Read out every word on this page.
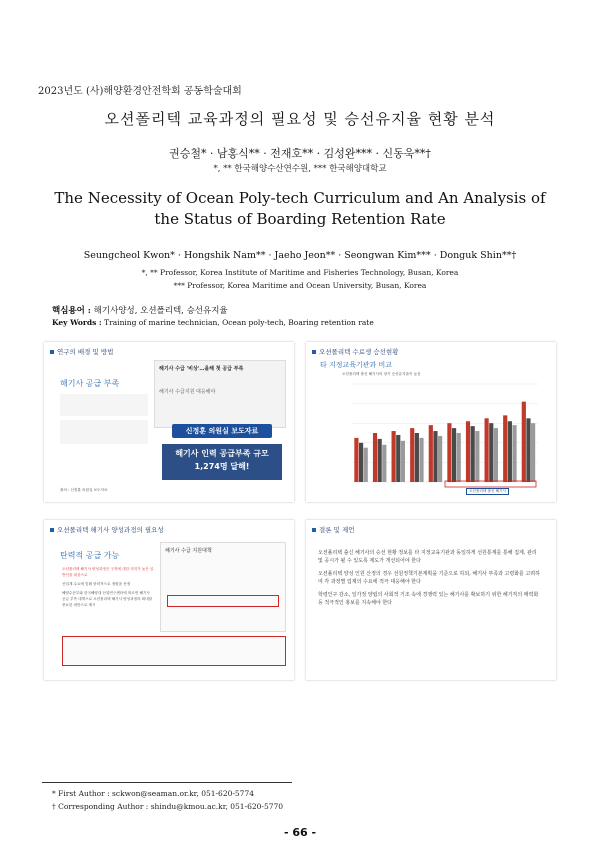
2023년도 (사)해양환경안전학회 공동학술대회
오션폴리텍 교육과정의 필요성 및 승선유지율 현황 분석
권승철* · 남홍식** · 전재호** · 김성완*** · 신동욱**†
*, ** 한국해양수산연수원, *** 한국해양대학교
The Necessity of Ocean Poly-tech Curriculum and An Analysis of the Status of Boarding Retention Rate
Seungcheol Kwon* · Hongshik Nam** · Jaeho Jeon** · Seongwan Kim*** · Donguk Shin**†
*, ** Professor, Korea Institute of Maritime and Fisheries Technology, Busan, Korea
*** Professor, Korea Maritime and Ocean University, Busan, Korea
핵심용어 : 해기사양성, 오션폴리텍, 승선유지율
Key Words : Training of marine technician, Ocean poly-tech, Boaring retention rate
연구의 배경 및 방법
해기사 공급 부족
해기사 수급 '비상'…올해 첫 공급 부족
해기사 수급지원 대응해야
신정훈 의원실 보도자료
해기사 인력 공급부족 규모
1,274명 달해!
출처 : 신정훈 의원실 보도자료
오션폴리텍 수료생 승선현황
타 지정교육기관과 비교
오션폴리텍 출신 해기사의 장기 승선유지율이 높음
오션폴리텍 출신 해기사
오션폴리텍 해기사 양성과정의 필요성
탄력적 공급 가능
오션폴리텍 해기사 양성과정은 구직에 대한 의지가 높은 일반인을 대상으로
산업계 수요에 맞춰 탄력적으로 정원을 산정
해양수산부와 한국해양대 산업연구센터에 따르면 해기사 공급 부족 대책으로 오션폴리텍 해기사 양성과정의 확대를 중요한 대안으로 제시
해기사 수급 지원대책
결론 및 제언
오션폴리텍 출신 해기사의 승선 현황 정보를 타 지정교육기관과 동일하게 선원통계를 통해 집계, 관리 및 공시가 될 수 있도록 제도가 개선되어야 한다
오션폴리텍 양성 인원 산정의 경우 선원정책기본계획을 기준으로 하되, 해기사 부족과 고령화를 고려하여 각 과정별 업계의 수요에 적극 대응해야 한다
학령인구 감소, 일가정 양립의 사회적 기조 속에 경쟁력 있는 해기사를 확보하기 위한 해기직의 매력화 등 적극적인 홍보를 지속해야 한다
* First Author : sckwon@seaman.or.kr, 051-620-5774
† Corresponding Author : shindu@kmou.ac.kr, 051-620-5770
- 66 -
